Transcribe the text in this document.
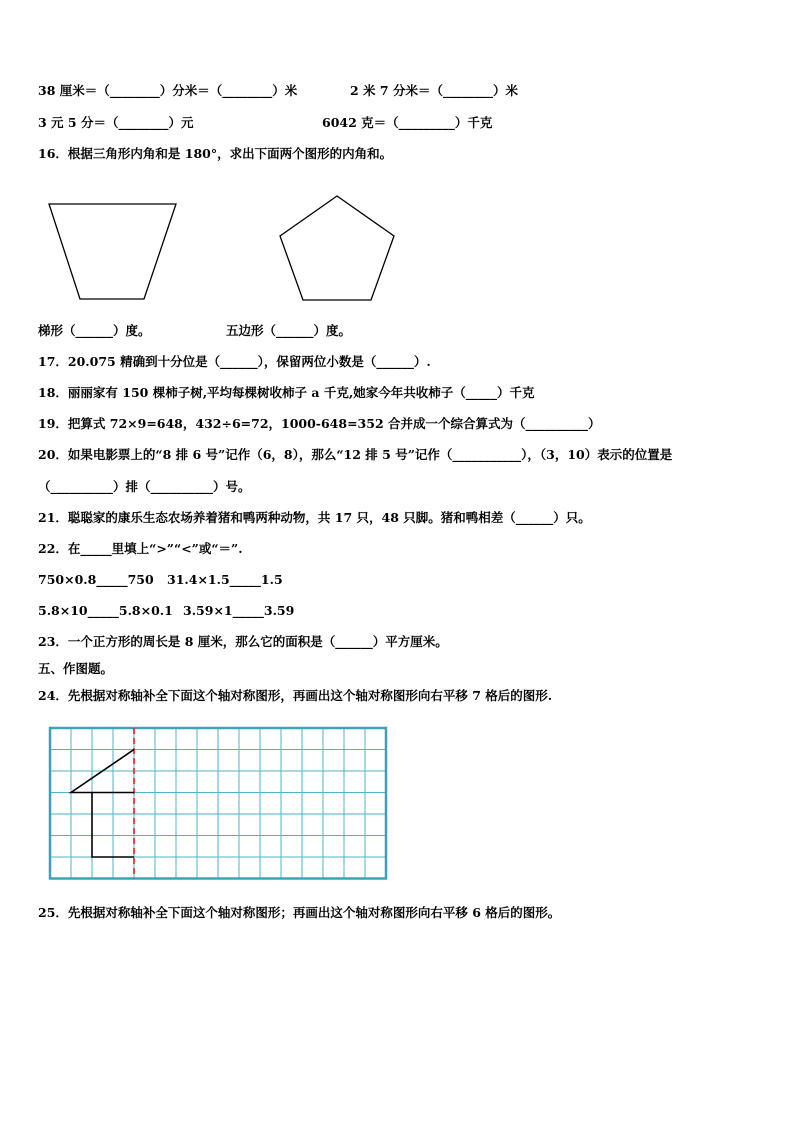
38 厘米＝（________）分米＝（________）米	2 米 7 分米＝（________）米
3 元 5 分＝（________）元	6042 克＝（_________）千克
16．根据三角形内角和是 180°，求出下面两个图形的内角和。
梯形（______）度。	五边形（______）度。
17．20.075 精确到十分位是（______），保留两位小数是（______）.
18．丽丽家有 150 棵柿子树,平均每棵树收柿子 a 千克,她家今年共收柿子（_____）千克
19．把算式 72×9=648，432÷6=72，1000-648=352 合并成一个综合算式为（__________）
20．如果电影票上的“8 排 6 号”记作（6，8），那么“12 排 5 号”记作（___________），（3，10）表示的位置是
（__________）排（__________）号。
21．聪聪家的康乐生态农场养着猪和鸭两种动物，共 17 只，48 只脚。猪和鸭相差（______）只。
22．在_____里填上“>”“<”或“＝”.
750×0.8_____750 31.4×1.5_____1.5
5.8×10_____5.8×0.1 3.59×1_____3.59
23．一个正方形的周长是 8 厘米，那么它的面积是（______）平方厘米。
五、作图题。
24．先根据对称轴补全下面这个轴对称图形，再画出这个轴对称图形向右平移 7 格后的图形.
25．先根据对称轴补全下面这个轴对称图形；再画出这个轴对称图形向右平移 6 格后的图形。
